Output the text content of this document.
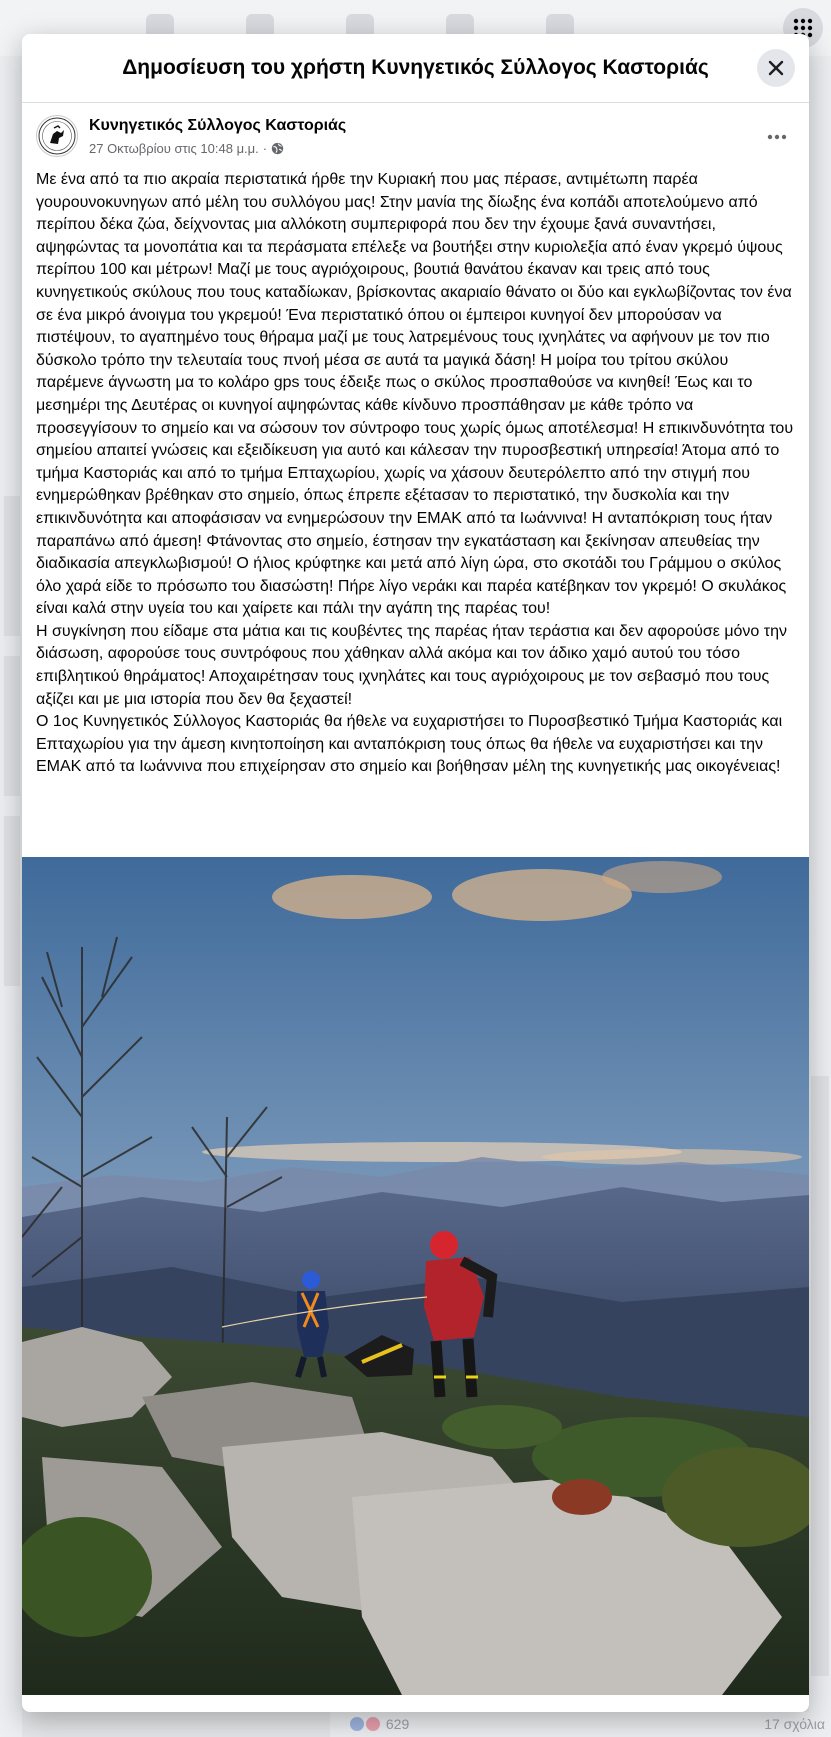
629	17 σχόλια
Δημοσίευση του χρήστη Κυνηγετικός Σύλλογος Καστοριάς
Κυνηγετικός Σύλλογος Καστοριάς
27 Οκτωβρίου στις 10:48 μ.μ. ·

Με ένα από τα πιο ακραία περιστατικά ήρθε την Κυριακή που μας πέρασε, αντιμέτωπη παρέα γουρουνοκυνηγων από μέλη του συλλόγου μας! Στην μανία της δίωξης ένα κοπάδι αποτελούμενο από περίπου δέκα ζώα, δείχνοντας μια αλλόκοτη συμπεριφορά που δεν την έχουμε ξανά συναντήσει, αψηφώντας τα μονοπάτια και τα περάσματα επέλεξε να βουτήξει στην κυριολεξία από έναν γκρεμό ύψους περίπου 100 και μέτρων! Μαζί με τους αγριόχοιρους, βουτιά θανάτου έκαναν και τρεις από τους κυνηγετικούς σκύλους που τους καταδίωκαν, βρίσκοντας ακαριαίο θάνατο οι δύο και εγκλωβίζοντας τον ένα σε ένα μικρό άνοιγμα του γκρεμού! Ένα περιστατικό όπου οι έμπειροι κυνηγοί δεν μπορούσαν να πιστέψουν, το αγαπημένο τους θήραμα μαζί με τους λατρεμένους τους ιχνηλάτες να αφήνουν με τον πιο δύσκολο τρόπο την τελευταία τους πνοή μέσα σε αυτά τα μαγικά δάση! Η μοίρα του τρίτου σκύλου παρέμενε άγνωστη μα το κολάρο gps τους έδειξε πως ο σκύλος προσπαθούσε να κινηθεί! Έως και το μεσημέρι της Δευτέρας οι κυνηγοί αψηφώντας κάθε κίνδυνο προσπάθησαν με κάθε τρόπο να προσεγγίσουν το σημείο και να σώσουν τον σύντροφο τους χωρίς όμως αποτέλεσμα! Η επικινδυνότητα του σημείου απαιτεί γνώσεις και εξειδίκευση για αυτό και κάλεσαν την πυροσβεστική υπηρεσία! Άτομα από το τμήμα Καστοριάς και από το τμήμα Επταχωρίου, χωρίς να χάσουν δευτερόλεπτο από την στιγμή που ενημερώθηκαν βρέθηκαν στο σημείο, όπως έπρεπε εξέτασαν το περιστατικό, την δυσκολία και την επικινδυνότητα και αποφάσισαν να ενημερώσουν την ΕΜΑΚ από τα Ιωάννινα! Η ανταπόκριση τους ήταν παραπάνω από άμεση! Φτάνοντας στο σημείο, έστησαν την εγκατάσταση και ξεκίνησαν απευθείας την διαδικασία απεγκλωβισμού! Ο ήλιος κρύφτηκε και μετά από λίγη ώρα, στο σκοτάδι του Γράμμου ο σκύλος όλο χαρά είδε το πρόσωπο του διασώστη! Πήρε λίγο νεράκι και παρέα κατέβηκαν τον γκρεμό! Ο σκυλάκος είναι καλά στην υγεία του και χαίρετε και πάλι την αγάπη της παρέας του!

Η συγκίνηση που είδαμε στα μάτια και τις κουβέντες της παρέας ήταν τεράστια και δεν αφορούσε μόνο την διάσωση, αφορούσε τους συντρόφους που χάθηκαν αλλά ακόμα και τον άδικο χαμό αυτού του τόσο επιβλητικού θηράματος! Αποχαιρέτησαν τους ιχνηλάτες και τους αγριόχοιρους με τον σεβασμό που τους αξίζει και με μια ιστορία που δεν θα ξεχαστεί!

Ο 1ος Κυνηγετικός Σύλλογος Καστοριάς θα ήθελε να ευχαριστήσει το Πυροσβεστικό Τμήμα Καστοριάς και Επταχωρίου για την άμεση κινητοποίηση και ανταπόκριση τους όπως θα ήθελε να ευχαριστήσει και την ΕΜΑΚ από τα Ιωάννινα που επιχείρησαν στο σημείο και βοήθησαν μέλη της κυνηγετικής μας οικογένειας!
